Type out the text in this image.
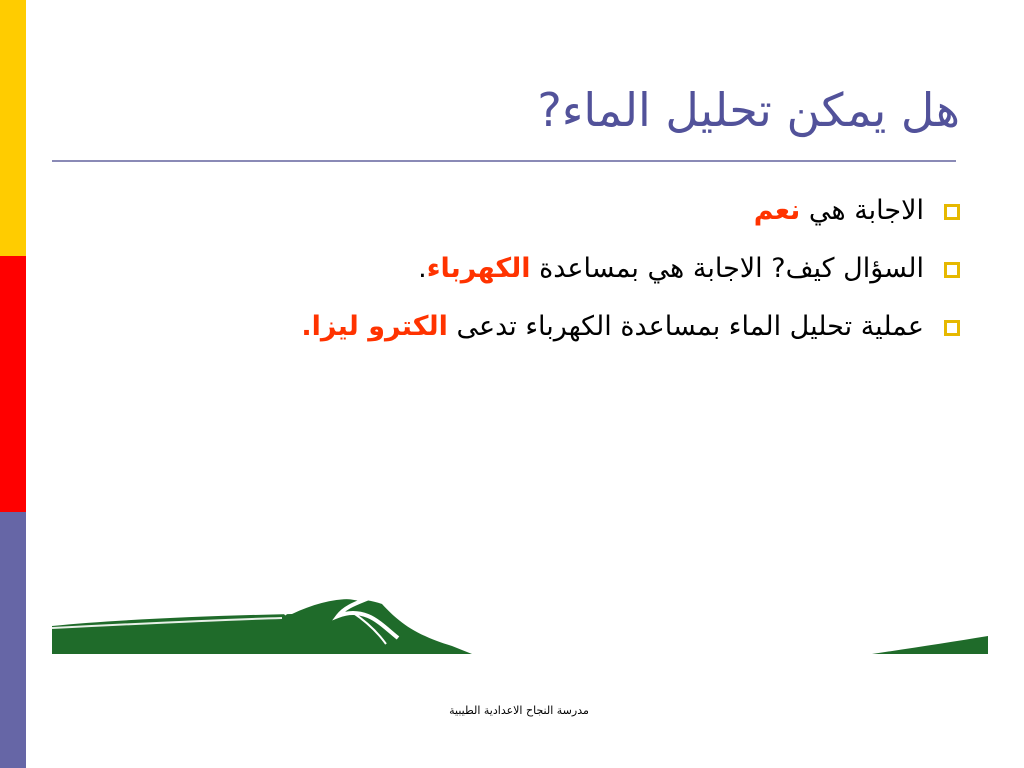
هل يمكن تحليل الماء?
الاجابة هي نعم
السؤال كيف? الاجابة هي بمساعدة الكهرباء.
عملية تحليل الماء بمساعدة الكهرباء تدعى الكترو ليزا.
مدرسة النجاح الاعدادية الطيبية
